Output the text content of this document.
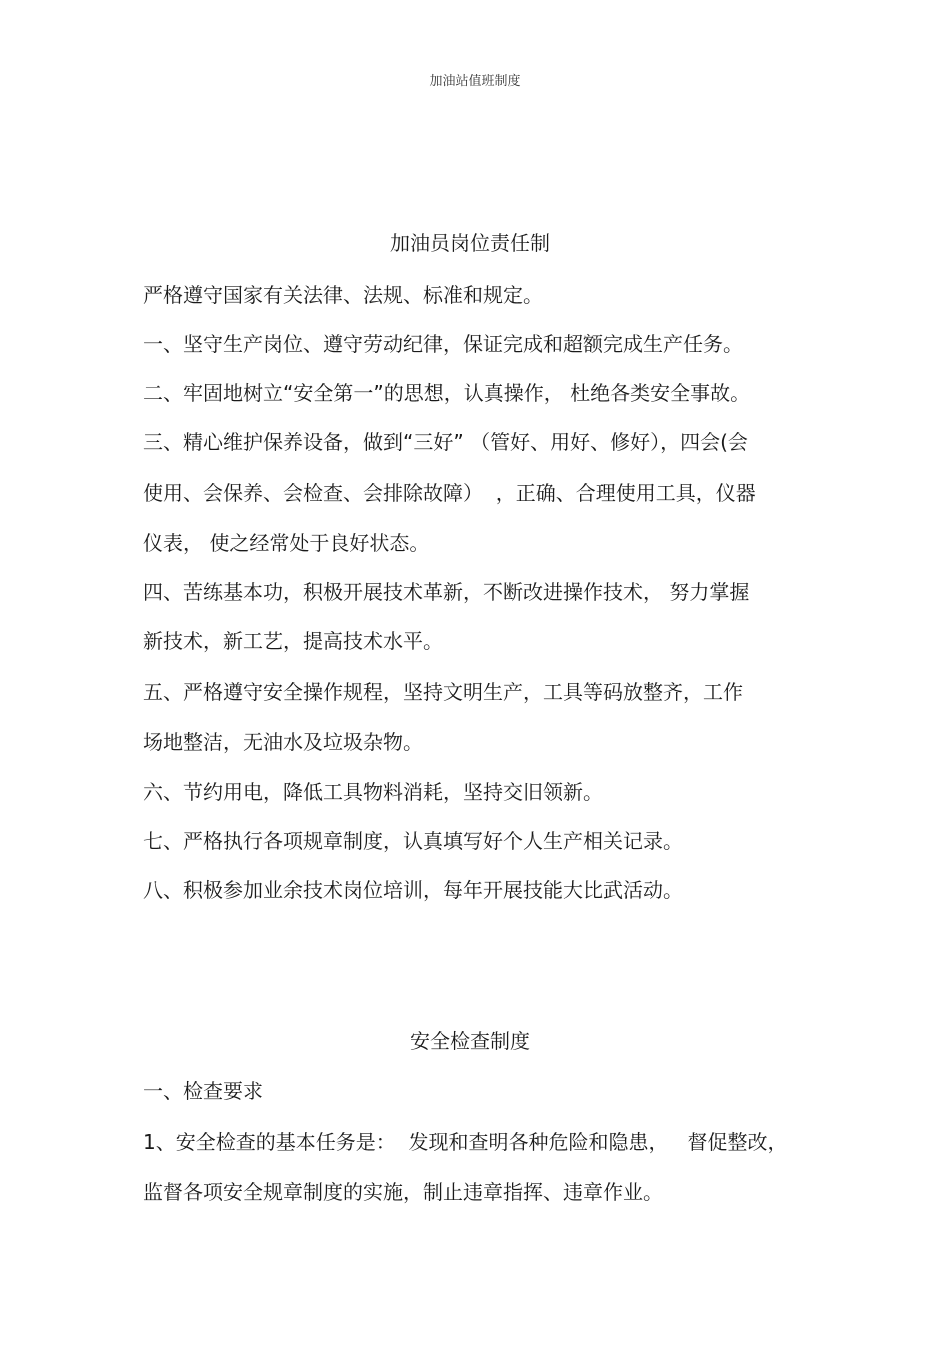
加油站值班制度
加油员岗位责任制
严格遵守国家有关法律、法规、标准和规定。
一、坚守生产岗位、遵守劳动纪律，保证完成和超额完成生产任务。
二、牢固地树立“安全第一”的思想，认真操作， 杜绝各类安全事故。
三、精心维护保养设备，做到“三好” （管好、用好、修好），四会(会
使用、会保养、会检查、会排除故障）  ，正确、合理使用工具，仪器
仪表， 使之经常处于良好状态。
四、苦练基本功，积极开展技术革新，不断改进操作技术， 努力掌握
新技术，新工艺，提高技术水平。
五、严格遵守安全操作规程，坚持文明生产，工具等码放整齐，工作
场地整洁，无油水及垃圾杂物。
六、节约用电，降低工具物料消耗，坚持交旧领新。
七、严格执行各项规章制度，认真填写好个人生产相关记录。
八、积极参加业余技术岗位培训，每年开展技能大比武活动。
安全检查制度
一、检查要求
1、安全检查的基本任务是：  发现和查明各种危险和隐患，   督促整改，
监督各项安全规章制度的实施，制止违章指挥、违章作业。
